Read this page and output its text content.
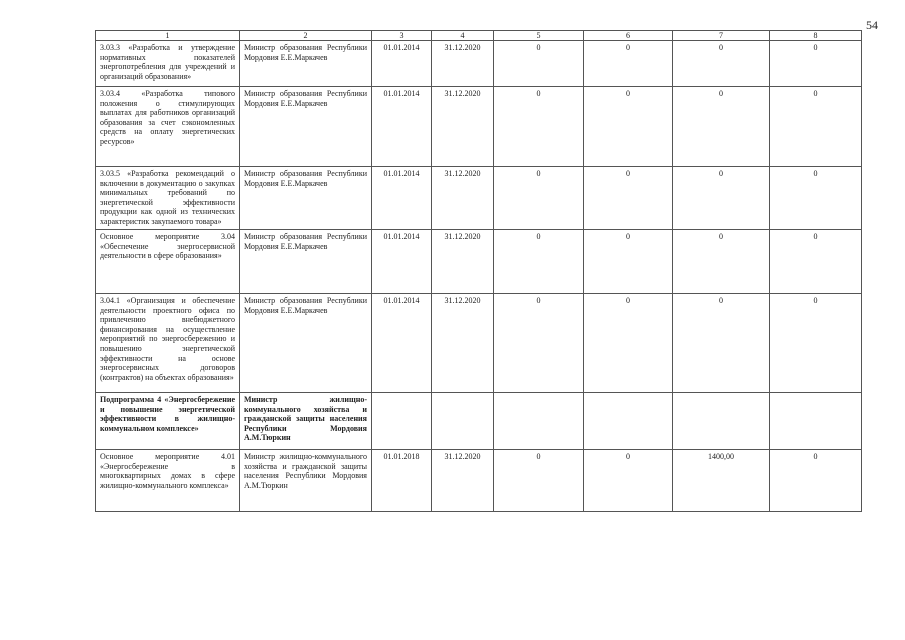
54
1	2	3	4	5	6	7	8
3.03.3 «Разработка и утверждение нормативных показателей энергопотребления для учреждений и организаций образования»	Министр образования Республики Мордовия Е.Е.Маркачев	01.01.2014	31.12.2020	0	0	0	0
3.03.4 «Разработка типового положения о стимулирующих выплатах для работников организаций образования за счет сэкономленных средств на оплату энергетических ресурсов»	Министр образования Республики Мордовия Е.Е.Маркачев	01.01.2014	31.12.2020	0	0	0	0
3.03.5 «Разработка рекомендаций о включении в документацию о закупках минимальных требований по энергетической эффективности продукции как одной из технических характеристик закупаемого товара»	Министр образования Республики Мордовия Е.Е.Маркачев	01.01.2014	31.12.2020	0	0	0	0
Основное мероприятие 3.04 «Обеспечение энергосервисной деятельности в сфере образования»	Министр образования Республики Мордовия Е.Е.Маркачев	01.01.2014	31.12.2020	0	0	0	0
3.04.1 «Организация и обеспечение деятельности проектного офиса по привлечению внебюджетного финансирования на осуществление мероприятий по энергосбережению и повышению энергетической эффективности на основе энергосервисных договоров (контрактов) на объектах образования»	Министр образования Республики Мордовия Е.Е.Маркачев	01.01.2014	31.12.2020	0	0	0	0
Подпрограмма 4 «Энергосбережение и повышение энергетической эффективности в жилищно-коммунальном комплексе»	Министр жилищно-коммунального хозяйства и гражданской защиты населения Республики Мордовия А.М.Тюркин						
Основное мероприятие 4.01 «Энергосбережение в многоквартирных домах в сфере жилищно-коммунального комплекса»	Министр жилищно-коммунального хозяйства и гражданской защиты населения Республики Мордовия А.М.Тюркин	01.01.2018	31.12.2020	0	0	1400,00	0
